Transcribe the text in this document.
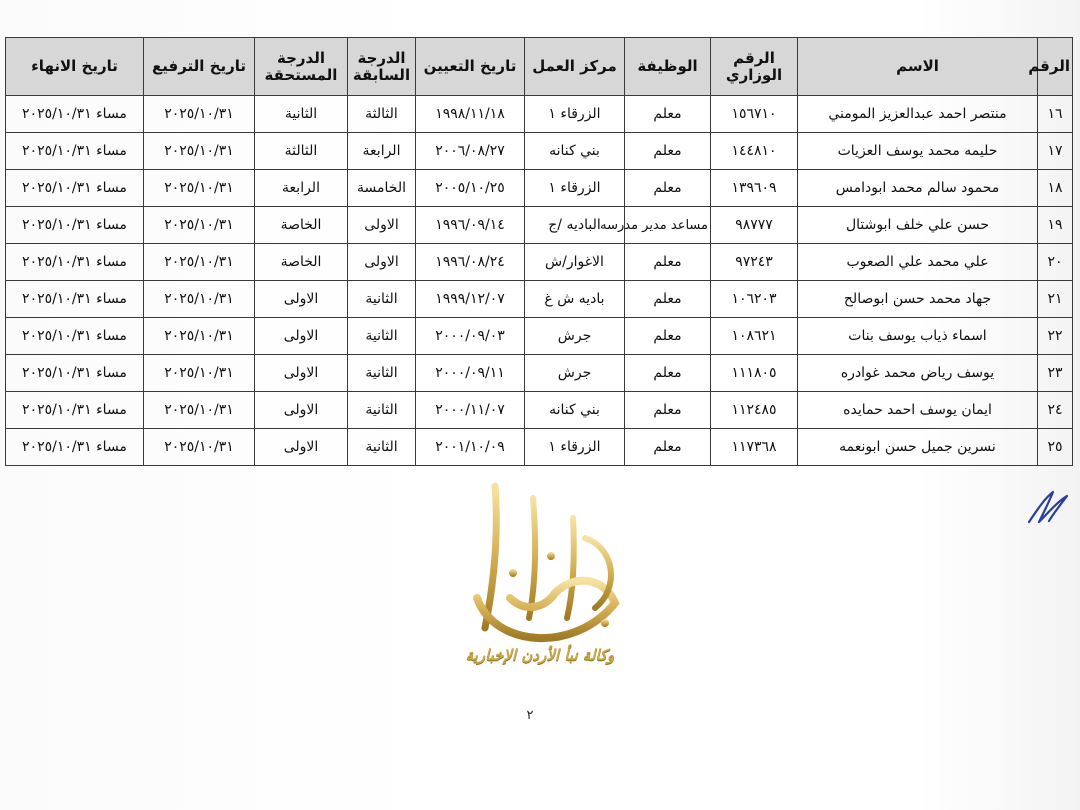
الرقم	الاسم	الرقم الوزاري	الوظيفة	مركز العمل	تاريخ التعيين	الدرجة السابقة	الدرجة المستحقة	تاريخ الترفيع	تاريخ الانهاء
١٦	منتصر احمد عبدالعزيز المومني	١٥٦٧١٠	معلم	الزرقاء ١	١٩٩٨/١١/١٨	الثالثة	الثانية	٢٠٢٥/١٠/٣١	مساء ٢٠٢٥/١٠/٣١
١٧	حليمه محمد يوسف العزيات	١٤٤٨١٠	معلم	بني كنانه	٢٠٠٦/٠٨/٢٧	الرابعة	الثالثة	٢٠٢٥/١٠/٣١	مساء ٢٠٢٥/١٠/٣١
١٨	محمود سالم محمد ابودامس	١٣٩٦٠٩	معلم	الزرقاء ١	٢٠٠٥/١٠/٢٥	الخامسة	الرابعة	٢٠٢٥/١٠/٣١	مساء ٢٠٢٥/١٠/٣١
١٩	حسن علي خلف ابوشتال	٩٨٧٧٧	مساعد مدير مدرسه	الباديه /ج	١٩٩٦/٠٩/١٤	الاولى	الخاصة	٢٠٢٥/١٠/٣١	مساء ٢٠٢٥/١٠/٣١
٢٠	علي محمد علي الصعوب	٩٧٢٤٣	معلم	الاغوار/ش	١٩٩٦/٠٨/٢٤	الاولى	الخاصة	٢٠٢٥/١٠/٣١	مساء ٢٠٢٥/١٠/٣١
٢١	جهاد محمد حسن ابوصالح	١٠٦٢٠٣	معلم	باديه ش غ	١٩٩٩/١٢/٠٧	الثانية	الاولى	٢٠٢٥/١٠/٣١	مساء ٢٠٢٥/١٠/٣١
٢٢	اسماء ذياب يوسف بنات	١٠٨٦٢١	معلم	جرش	٢٠٠٠/٠٩/٠٣	الثانية	الاولى	٢٠٢٥/١٠/٣١	مساء ٢٠٢٥/١٠/٣١
٢٣	يوسف رياض محمد غوادره	١١١٨٠٥	معلم	جرش	٢٠٠٠/٠٩/١١	الثانية	الاولى	٢٠٢٥/١٠/٣١	مساء ٢٠٢٥/١٠/٣١
٢٤	ايمان يوسف احمد حمايده	١١٢٤٨٥	معلم	بني كنانه	٢٠٠٠/١١/٠٧	الثانية	الاولى	٢٠٢٥/١٠/٣١	مساء ٢٠٢٥/١٠/٣١
٢٥	نسرين جميل حسن ابونعمه	١١٧٣٦٨	معلم	الزرقاء ١	٢٠٠١/١٠/٠٩	الثانية	الاولى	٢٠٢٥/١٠/٣١	مساء ٢٠٢٥/١٠/٣١
وكالة نبأ الأردن الإخبارية
٢
